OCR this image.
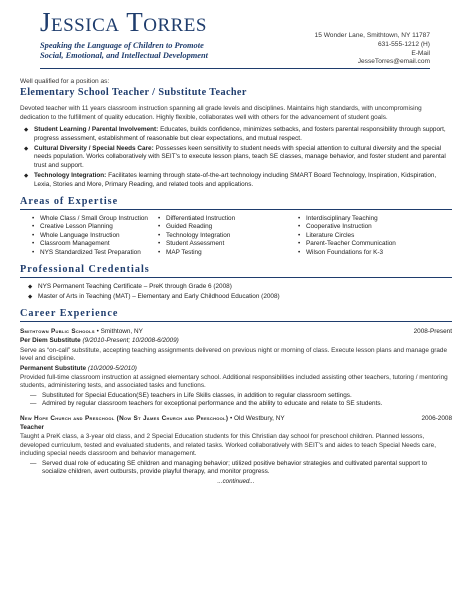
Jessica Torres
Speaking the Language of Children to Promote
Social, Emotional, and Intellectual Development
15 Wonder Lane, Smithtown, NY 11787
631-555-1212 (H)
E-Mail
JesseTorres@email.com
Well qualified for a position as:
Elementary School Teacher / Substitute Teacher
Devoted teacher with 11 years classroom instruction spanning all grade levels and disciplines. Maintains high standards, with uncompromising dedication to the fulfillment of quality education. Highly flexible, collaborates well with others for the advancement of student goals.
◆ Student Learning / Parental Involvement: Educates, builds confidence, minimizes setbacks, and fosters parental responsibility through support, progress assessment, establishment of reasonable but clear expectations, and mutual respect.
◆ Cultural Diversity / Special Needs Care: Possesses keen sensitivity to student needs with special attention to cultural diversity and the special needs population. Works collaboratively with SEIT's to execute lesson plans, teach SE classes, manage behavior, and foster student and parental trust and support.
◆ Technology Integration: Facilitates learning through state-of-the-art technology including SMART Board Technology, Inspiration, Kidspiration, Lexia, Stories and More, Primary Reading, and related tools and applications.
Areas of Expertise
• Whole Class / Small Group Instruction
• Creative Lesson Planning
• Whole Language Instruction
• Classroom Management
• NYS Standardized Test Preparation
• Differentiated Instruction
• Guided Reading
• Technology Integration
• Student Assessment
• MAP Testing
• Interdisciplinary Teaching
• Cooperative Instruction
• Literature Circles
• Parent-Teacher Communication
• Wilson Foundations for K-3
Professional Credentials
◆ NYS Permanent Teaching Certificate – PreK through Grade 6 (2008)
◆ Master of Arts in Teaching (MAT) – Elementary and Early Childhood Education (2008)
Career Experience
Smithtown Public Schools • Smithtown, NY	2008-Present
Per Diem Substitute (9/2010-Present; 10/2008-6/2009)
Serve as “on-call” substitute, accepting teaching assignments delivered on previous night or morning of class. Execute lesson plans and manage grade level and discipline.
Permanent Substitute (10/2009-5/2010)
Provided full-time classroom instruction at assigned elementary school. Additional responsibilities included assisting other teachers, tutoring / mentoring students, administering tests, and associated tasks and functions.
— Substituted for Special Education(SE) teachers in Life Skills classes, in addition to regular classroom settings.
— Admired by regular classroom teachers for exceptional performance and the ability to educate and relate to SE students.
New Hope Church and Preschool (Now St James Church and Preschool) • Old Westbury, NY	2006-2008
Teacher
Taught a PreK class, a 3-year old class, and 2 Special Education students for this Christian day school for preschool children. Planned lessons, developed curriculum, tested and evaluated students, and related tasks. Worked collaboratively with SEIT's and aides to teach Special Needs care, including special needs classroom and behavior management.
— Served dual role of educating SE children and managing behavior; utilized positive behavior strategies and cultivated parental support to socialize children, avert outbursts, provide playful therapy, and monitor progress.
...continued...
